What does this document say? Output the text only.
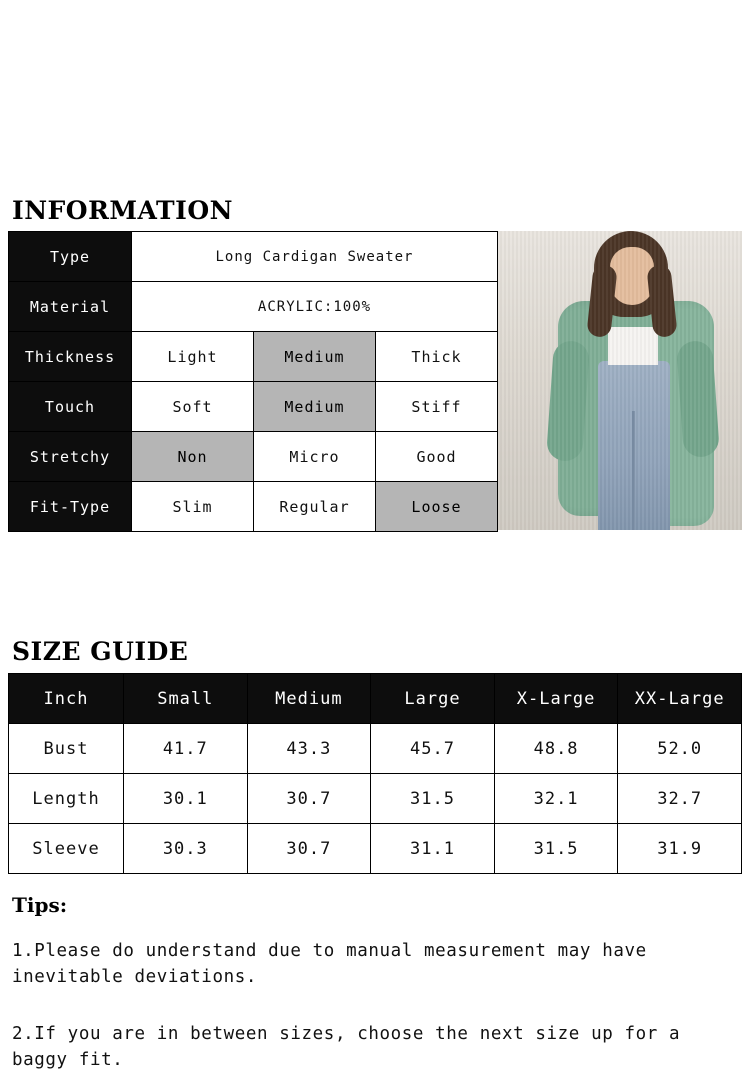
INFORMATION
Type	Long Cardigan Sweater		
Material	ACRYLIC:100%		
Thickness	Light	Medium	Thick
Touch	Soft	Medium	Stiff
Stretchy	Non	Micro	Good
Fit-Type	Slim	Regular	Loose
SIZE GUIDE
Inch	Small	Medium	Large	X-Large	XX-Large
Bust	41.7	43.3	45.7	48.8	52.0
Length	30.1	30.7	31.5	32.1	32.7
Sleeve	30.3	30.7	31.1	31.5	31.9
Tips:
1.Please do understand due to manual measurement may have inevitable deviations.
2.If you are in between sizes, choose the next size up for a baggy fit.
